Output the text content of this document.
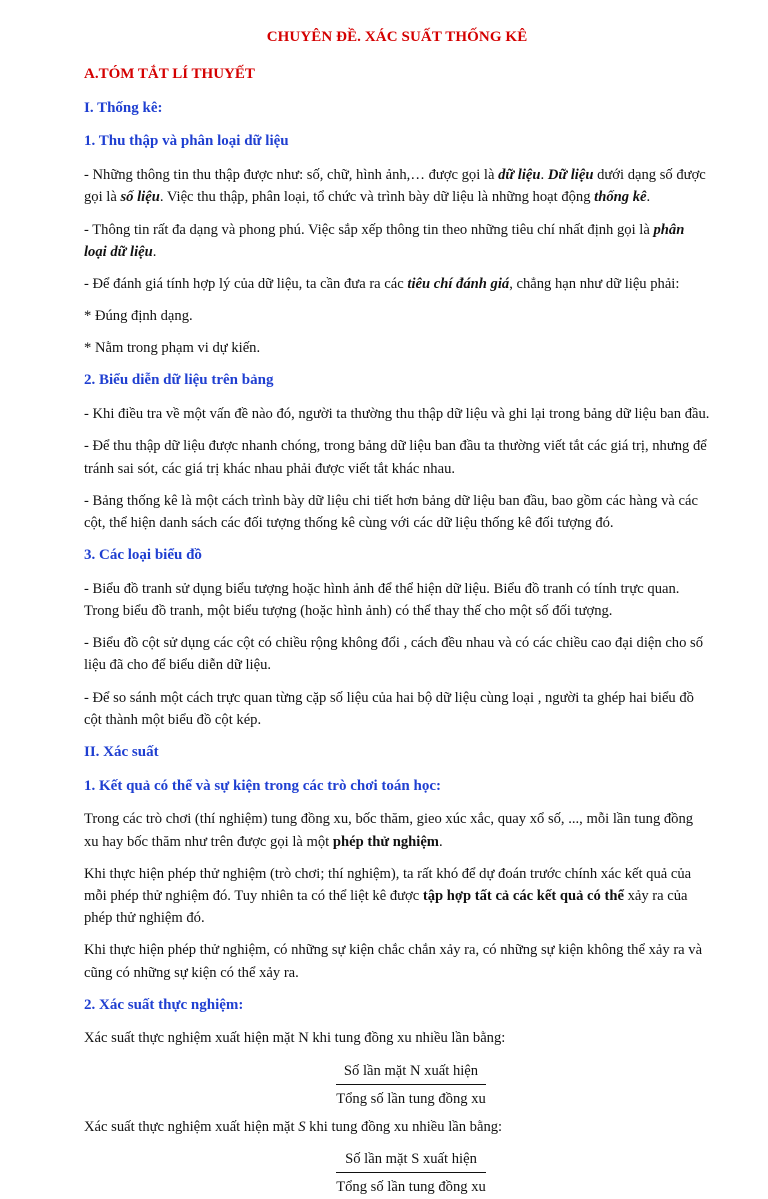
CHUYÊN ĐỀ. XÁC SUẤT THỐNG KÊ
A.TÓM TẮT LÍ THUYẾT
I. Thống kê:
1. Thu thập và phân loại dữ liệu

- Những thông tin thu thập được như: số, chữ, hình ảnh,… được gọi là dữ liệu. Dữ liệu dưới dạng số được gọi là số liệu. Việc thu thập, phân loại, tổ chức và trình bày dữ liệu là những hoạt động thống kê.

- Thông tin rất đa dạng và phong phú. Việc sắp xếp thông tin theo những tiêu chí nhất định gọi là phân loại dữ liệu.

- Để đánh giá tính hợp lý của dữ liệu, ta cần đưa ra các tiêu chí đánh giá, chẳng hạn như dữ liệu phải:

* Đúng định dạng.

* Nằm trong phạm vi dự kiến.

2. Biểu diễn dữ liệu trên bảng

- Khi điều tra về một vấn đề nào đó, người ta thường thu thập dữ liệu và ghi lại trong bảng dữ liệu ban đầu.

- Để thu thập dữ liệu được nhanh chóng, trong bảng dữ liệu ban đầu ta thường viết tắt các giá trị, nhưng để tránh sai sót, các giá trị khác nhau phải được viết tắt khác nhau.

- Bảng thống kê là một cách trình bày dữ liệu chi tiết hơn bảng dữ liệu ban đầu, bao gồm các hàng và các cột, thể hiện danh sách các đối tượng thống kê cùng với các dữ liệu thống kê đối tượng đó.

3. Các loại biểu đồ

- Biểu đồ tranh sử dụng biểu tượng hoặc hình ảnh để thể hiện dữ liệu. Biểu đồ tranh có tính trực quan. Trong biểu đồ tranh, một biểu tượng (hoặc hình ảnh) có thể thay thế cho một số đối tượng.

- Biểu đồ cột sử dụng các cột có chiều rộng không đổi , cách đều nhau và có các chiều cao đại diện cho số liệu đã cho để biểu diễn dữ liệu.

- Để so sánh một cách trực quan từng cặp số liệu của hai bộ dữ liệu cùng loại , người ta ghép hai biểu đồ cột thành một biểu đồ cột kép.

II. Xác suất
1. Kết quả có thể và sự kiện trong các trò chơi toán học:

Trong các trò chơi (thí nghiệm) tung đồng xu, bốc thăm, gieo xúc xắc, quay xổ số, ..., mỗi lần tung đồng xu hay bốc thăm như trên được gọi là một phép thử nghiệm.

Khi thực hiện phép thử nghiệm (trò chơi; thí nghiệm), ta rất khó để dự đoán trước chính xác kết quả của mỗi phép thử nghiệm đó. Tuy nhiên ta có thể liệt kê được tập hợp tất cả các kết quả có thể xảy ra của phép thử nghiệm đó.

Khi thực hiện phép thử nghiệm, có những sự kiện chắc chắn xảy ra, có những sự kiện không thể xảy ra và cũng có những sự kiện có thể xảy ra.

2. Xác suất thực nghiệm:

Xác suất thực nghiệm xuất hiện mặt N khi tung đồng xu nhiều lần bằng:

Số lần mặt N xuất hiện
Tổng số lần tung đồng xu

Xác suất thực nghiệm xuất hiện mặt S khi tung đồng xu nhiều lần bằng:

Số lần mặt S xuất hiện
Tổng số lần tung đồng xu
